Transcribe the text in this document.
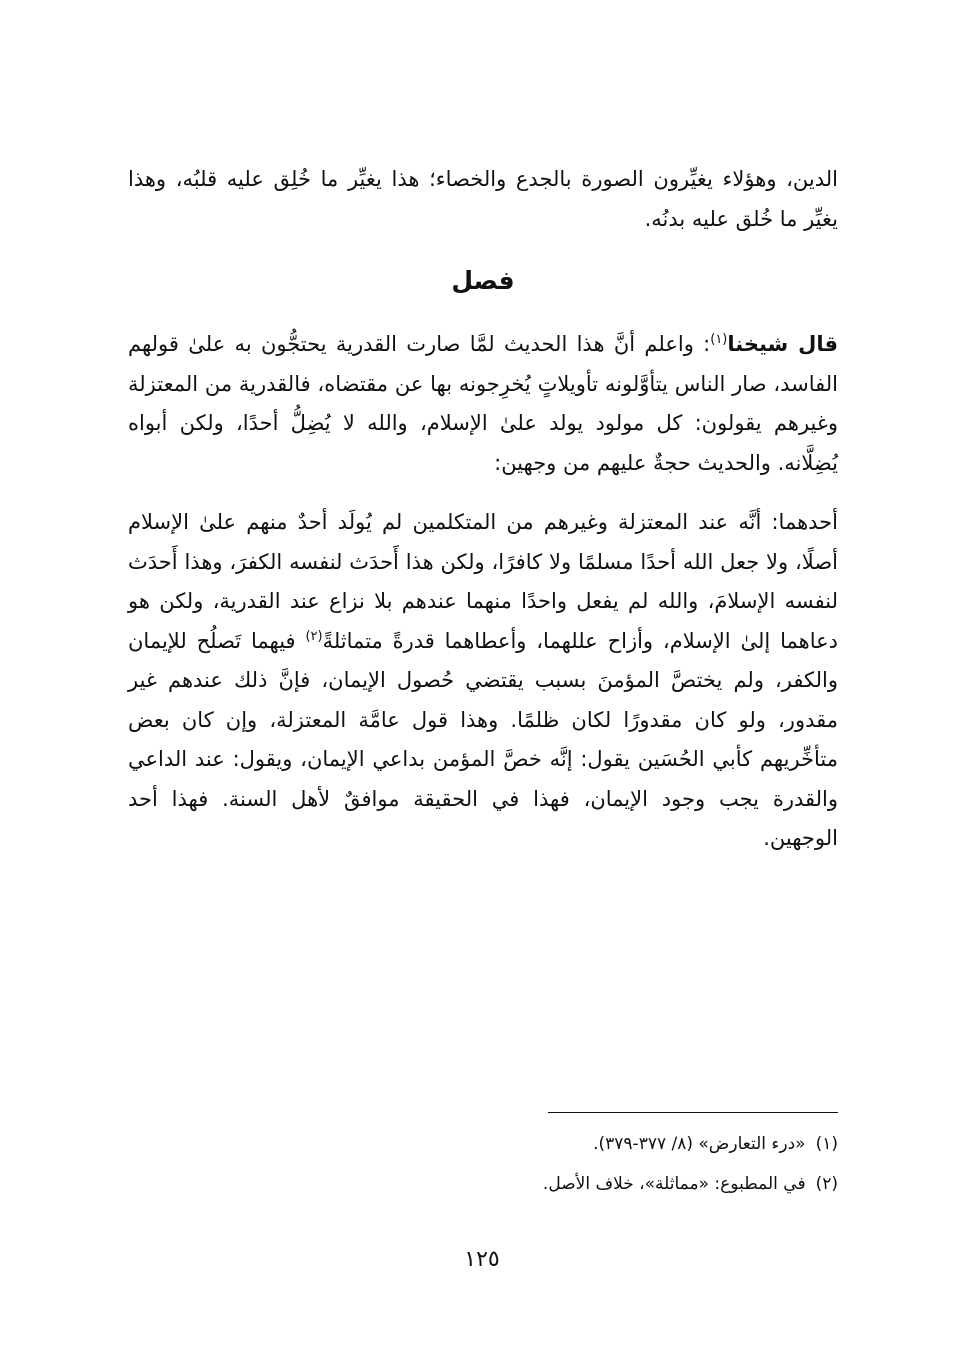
الدين، وهؤلاء يغيِّرون الصورة بالجدع والخصاء؛ هذا يغيِّر ما خُلِق عليه قلبُه، وهذا يغيِّر ما خُلق عليه بدنُه.

فصل

قال شيخنا$^{(١)}$: واعلم أنَّ هذا الحديث لمَّا صارت القدرية يحتجُّون به علىٰ قولهم الفاسد، صار الناس يتأوَّلونه تأويلاتٍ يُخرِجونه بها عن مقتضاه، فالقدرية من المعتزلة وغيرهم يقولون: كل مولود يولد علىٰ الإسلام، والله لا يُضِلُّ أحدًا، ولكن أبواه يُضِلَّانه. والحديث حجةٌ عليهم من وجهين:

أحدهما: أنَّه عند المعتزلة وغيرهم من المتكلمين لم يُولَد أحدٌ منهم علىٰ الإسلام أصلًا، ولا جعل الله أحدًا مسلمًا ولا كافرًا، ولكن هذا أَحدَث لنفسه الكفرَ، وهذا أَحدَث لنفسه الإسلامَ، والله لم يفعل واحدًا منهما عندهم بلا نزاع عند القدرية، ولكن هو دعاهما إلىٰ الإسلام، وأزاح عللهما، وأعطاهما قدرةً متماثلةً$^{(٢)}$ فيهما تَصلُح للإيمان والكفر، ولم يختصَّ المؤمنَ بسبب يقتضي حُصول الإيمان، فإنَّ ذلك عندهم غير مقدور، ولو كان مقدورًا لكان ظلمًا. وهذا قول عامَّة المعتزلة، وإن كان بعض متأخِّريهم كأبي الحُسَين يقول: إنَّه خصَّ المؤمن بداعي الإيمان، ويقول: عند الداعي والقدرة يجب وجود الإيمان، فهذا في الحقيقة موافقٌ لأهل السنة. فهذا أحد الوجهين.

(١)«درء التعارض» (٨/ ٣٧٧-٣٧٩).
(٢)في المطبوع: «مماثلة»، خلاف الأصل.
١٢٥
